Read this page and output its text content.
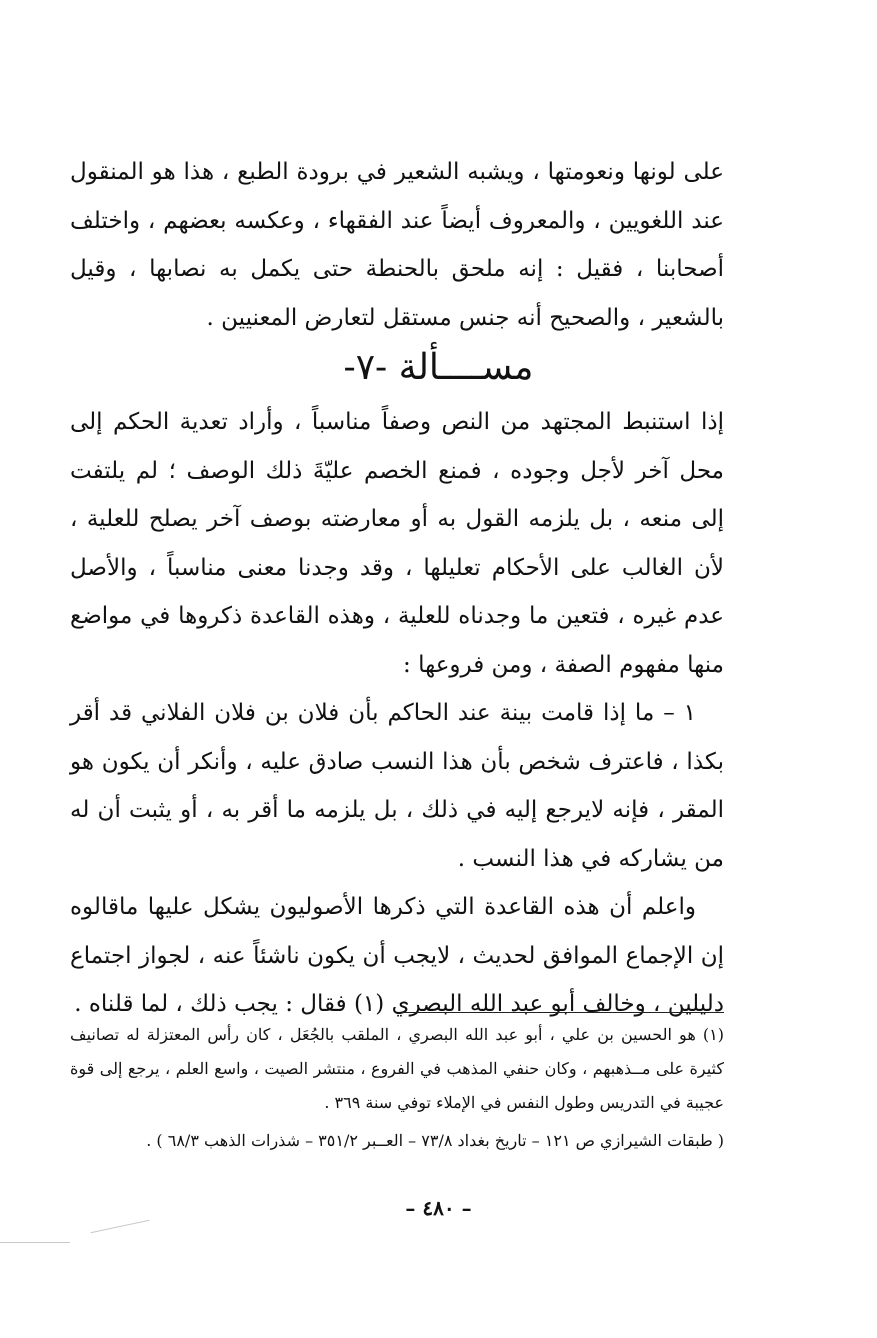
على لونها ونعومتها ، ويشبه الشعير في برودة الطبع ، هذا هو المنقول عند اللغويين ، والمعروف أيضاً عند الفقهاء ، وعكسه بعضهم ، واختلف أصحابنا ، فقيل : إنه ملحق بالحنطة حتى يكمل به نصابها ، وقيل بالشعير ، والصحيح أنه جنس مستقل لتعارض المعنيين .

مســــألة -٧-

إذا استنبط المجتهد من النص وصفاً مناسباً ، وأراد تعدية الحكم إلى محل آخر لأجل وجوده ، فمنع الخصم عليّةَ ذلك الوصف ؛ لم يلتفت إلى منعه ، بل يلزمه القول به أو معارضته بوصف آخر يصلح للعلية ، لأن الغالب على الأحكام تعليلها ، وقد وجدنا معنى مناسباً ، والأصل عدم غيره ، فتعين ما وجدناه للعلية ، وهذه القاعدة ذكروها في مواضع منها مفهوم الصفة ، ومن فروعها :

١ – ما إذا قامت بينة عند الحاكم بأن فلان بن فلان الفلاني قد أقر بكذا ، فاعترف شخص بأن هذا النسب صادق عليه ، وأنكر أن يكون هو المقر ، فإنه لايرجع إليه في ذلك ، بل يلزمه ما أقر به ، أو يثبت أن له من يشاركه في هذا النسب .

واعلم أن هذه القاعدة التي ذكرها الأصوليون يشكل عليها ماقالوه إن الإجماع الموافق لحديث ، لايجب أن يكون ناشئاً عنه ، لجواز اجتماع دليلين ، وخالف أبو عبد الله البصري (١) فقال : يجب ذلك ، لما قلناه .

(١) هو الحسين بن علي ، أبو عبد الله البصري ، الملقب بالجُعَل ، كان رأس المعتزلة له تصانيف كثيرة على مــذهبهم ، وكان حنفي المذهب في الفروع ، منتشر الصيت ، واسع العلم ، يرجع إلى قوة عجيبة في التدريس وطول النفس في الإملاء توفي سنة ٣٦٩ .

( طبقات الشيرازي ص ١٢١ – تاريخ بغداد ٧٣/٨ – العــبر ٣٥١/٢ – شذرات الذهب ٦٨/٣ ) .

– ٤٨٠ –
